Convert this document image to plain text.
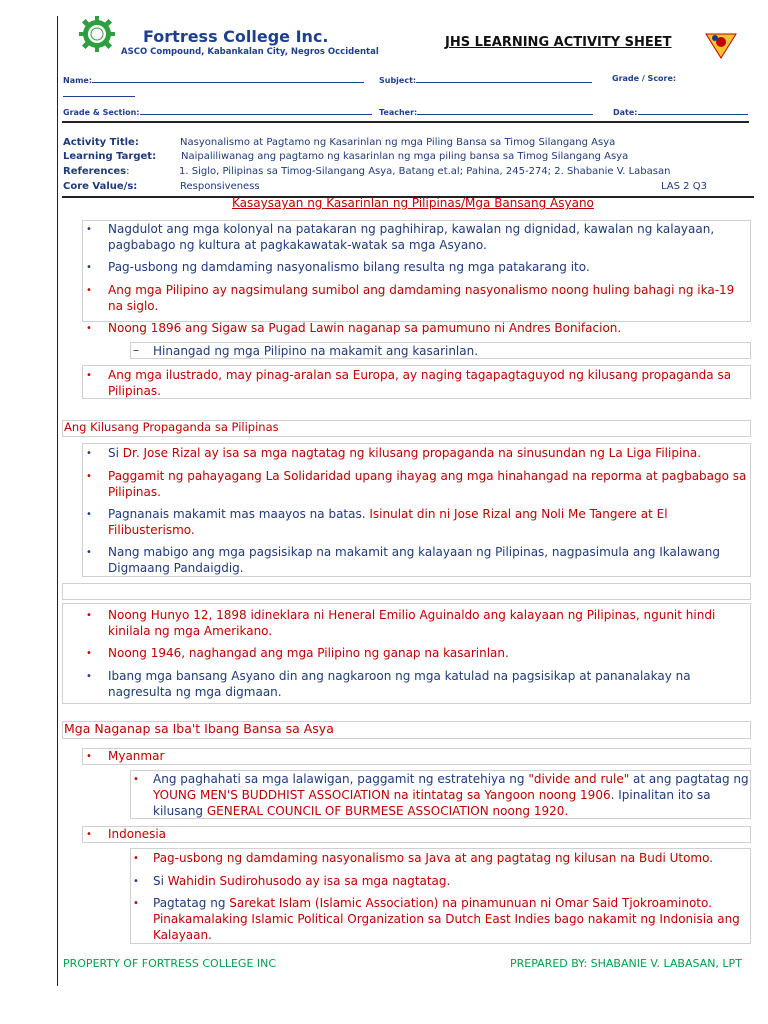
Fortress College Inc.
ASCO Compound, Kabankalan City, Negros Occidental
JHS LEARNING ACTIVITY SHEET
Name:	Subject:	Grade / Score:
Grade & Section:	Teacher:	Date:
Activity Title:	Nasyonalismo at Pagtamo ng Kasarinlan ng mga Piling Bansa sa Timog Silangang Asya
Learning Target: Naipaliliwanag ang pagtamo ng kasarinlan ng mga piling bansa sa Timog Silangang Asya
References:	1. Siglo, Pilipinas sa Timog-Silangang Asya, Batang et.al; Pahina, 245-274; 2. Shabanie V. Labasan
Core Value/s:	Responsiveness	LAS 2 Q3
Kasaysayan ng Kasarinlan ng Pilipinas/Mga Bansang Asyano
• Nagdulot ang mga kolonyal na patakaran ng paghihirap, kawalan ng dignidad, kawalan ng kalayaan,
pagbabago ng kultura at pagkakawatak-watak sa mga Asyano.
• Pag-usbong ng damdaming nasyonalismo bilang resulta ng mga patakarang ito.
• Ang mga Pilipino ay nagsimulang sumibol ang damdaming nasyonalismo noong huling bahagi ng ika-19
na siglo.
• Noong 1896 ang Sigaw sa Pugad Lawin naganap sa pamumuno ni Andres Bonifacion.
– Hinangad ng mga Pilipino na makamit ang kasarinlan.
• Ang mga ilustrado, may pinag-aralan sa Europa, ay naging tagapagtaguyod ng kilusang propaganda sa
Pilipinas.
Ang Kilusang Propaganda sa Pilipinas
• Si Dr. Jose Rizal ay isa sa mga nagtatag ng kilusang propaganda na sinusundan ng La Liga Filipina.
• Paggamit ng pahayagang La Solidaridad upang ihayag ang mga hinahangad na reporma at pagbabago sa
Pilipinas.
• Pagnanais makamit mas maayos na batas. Isinulat din ni Jose Rizal ang Noli Me Tangere at El
Filibusterismo.
• Nang mabigo ang mga pagsisikap na makamit ang kalayaan ng Pilipinas, nagpasimula ang Ikalawang
Digmaang Pandaigdig.
• Noong Hunyo 12, 1898 idineklara ni Heneral Emilio Aguinaldo ang kalayaan ng Pilipinas, ngunit hindi
kinilala ng mga Amerikano.
• Noong 1946, naghangad ang mga Pilipino ng ganap na kasarinlan.
• Ibang mga bansang Asyano din ang nagkaroon ng mga katulad na pagsisikap at pananalakay na
nagresulta ng mga digmaan.
Mga Naganap sa Iba't Ibang Bansa sa Asya
• Myanmar
• Ang paghahati sa mga lalawigan, paggamit ng estratehiya ng "divide and rule" at ang pagtatag ng
YOUNG MEN'S BUDDHIST ASSOCIATION na itintatag sa Yangoon noong 1906. Ipinalitan ito sa
kilusang GENERAL COUNCIL OF BURMESE ASSOCIATION noong 1920.
• Indonesia
• Pag-usbong ng damdaming nasyonalismo sa Java at ang pagtatag ng kilusan na Budi Utomo.
• Si Wahidin Sudirohusodo ay isa sa mga nagtatag.
• Pagtatag ng Sarekat Islam (Islamic Association) na pinamunuan ni Omar Said Tjokroaminoto.
Pinakamalaking Islamic Political Organization sa Dutch East Indies bago nakamit ng Indonisia ang
Kalayaan.
PROPERTY OF FORTRESS COLLEGE INC	PREPARED BY: SHABANIE V. LABASAN, LPT
